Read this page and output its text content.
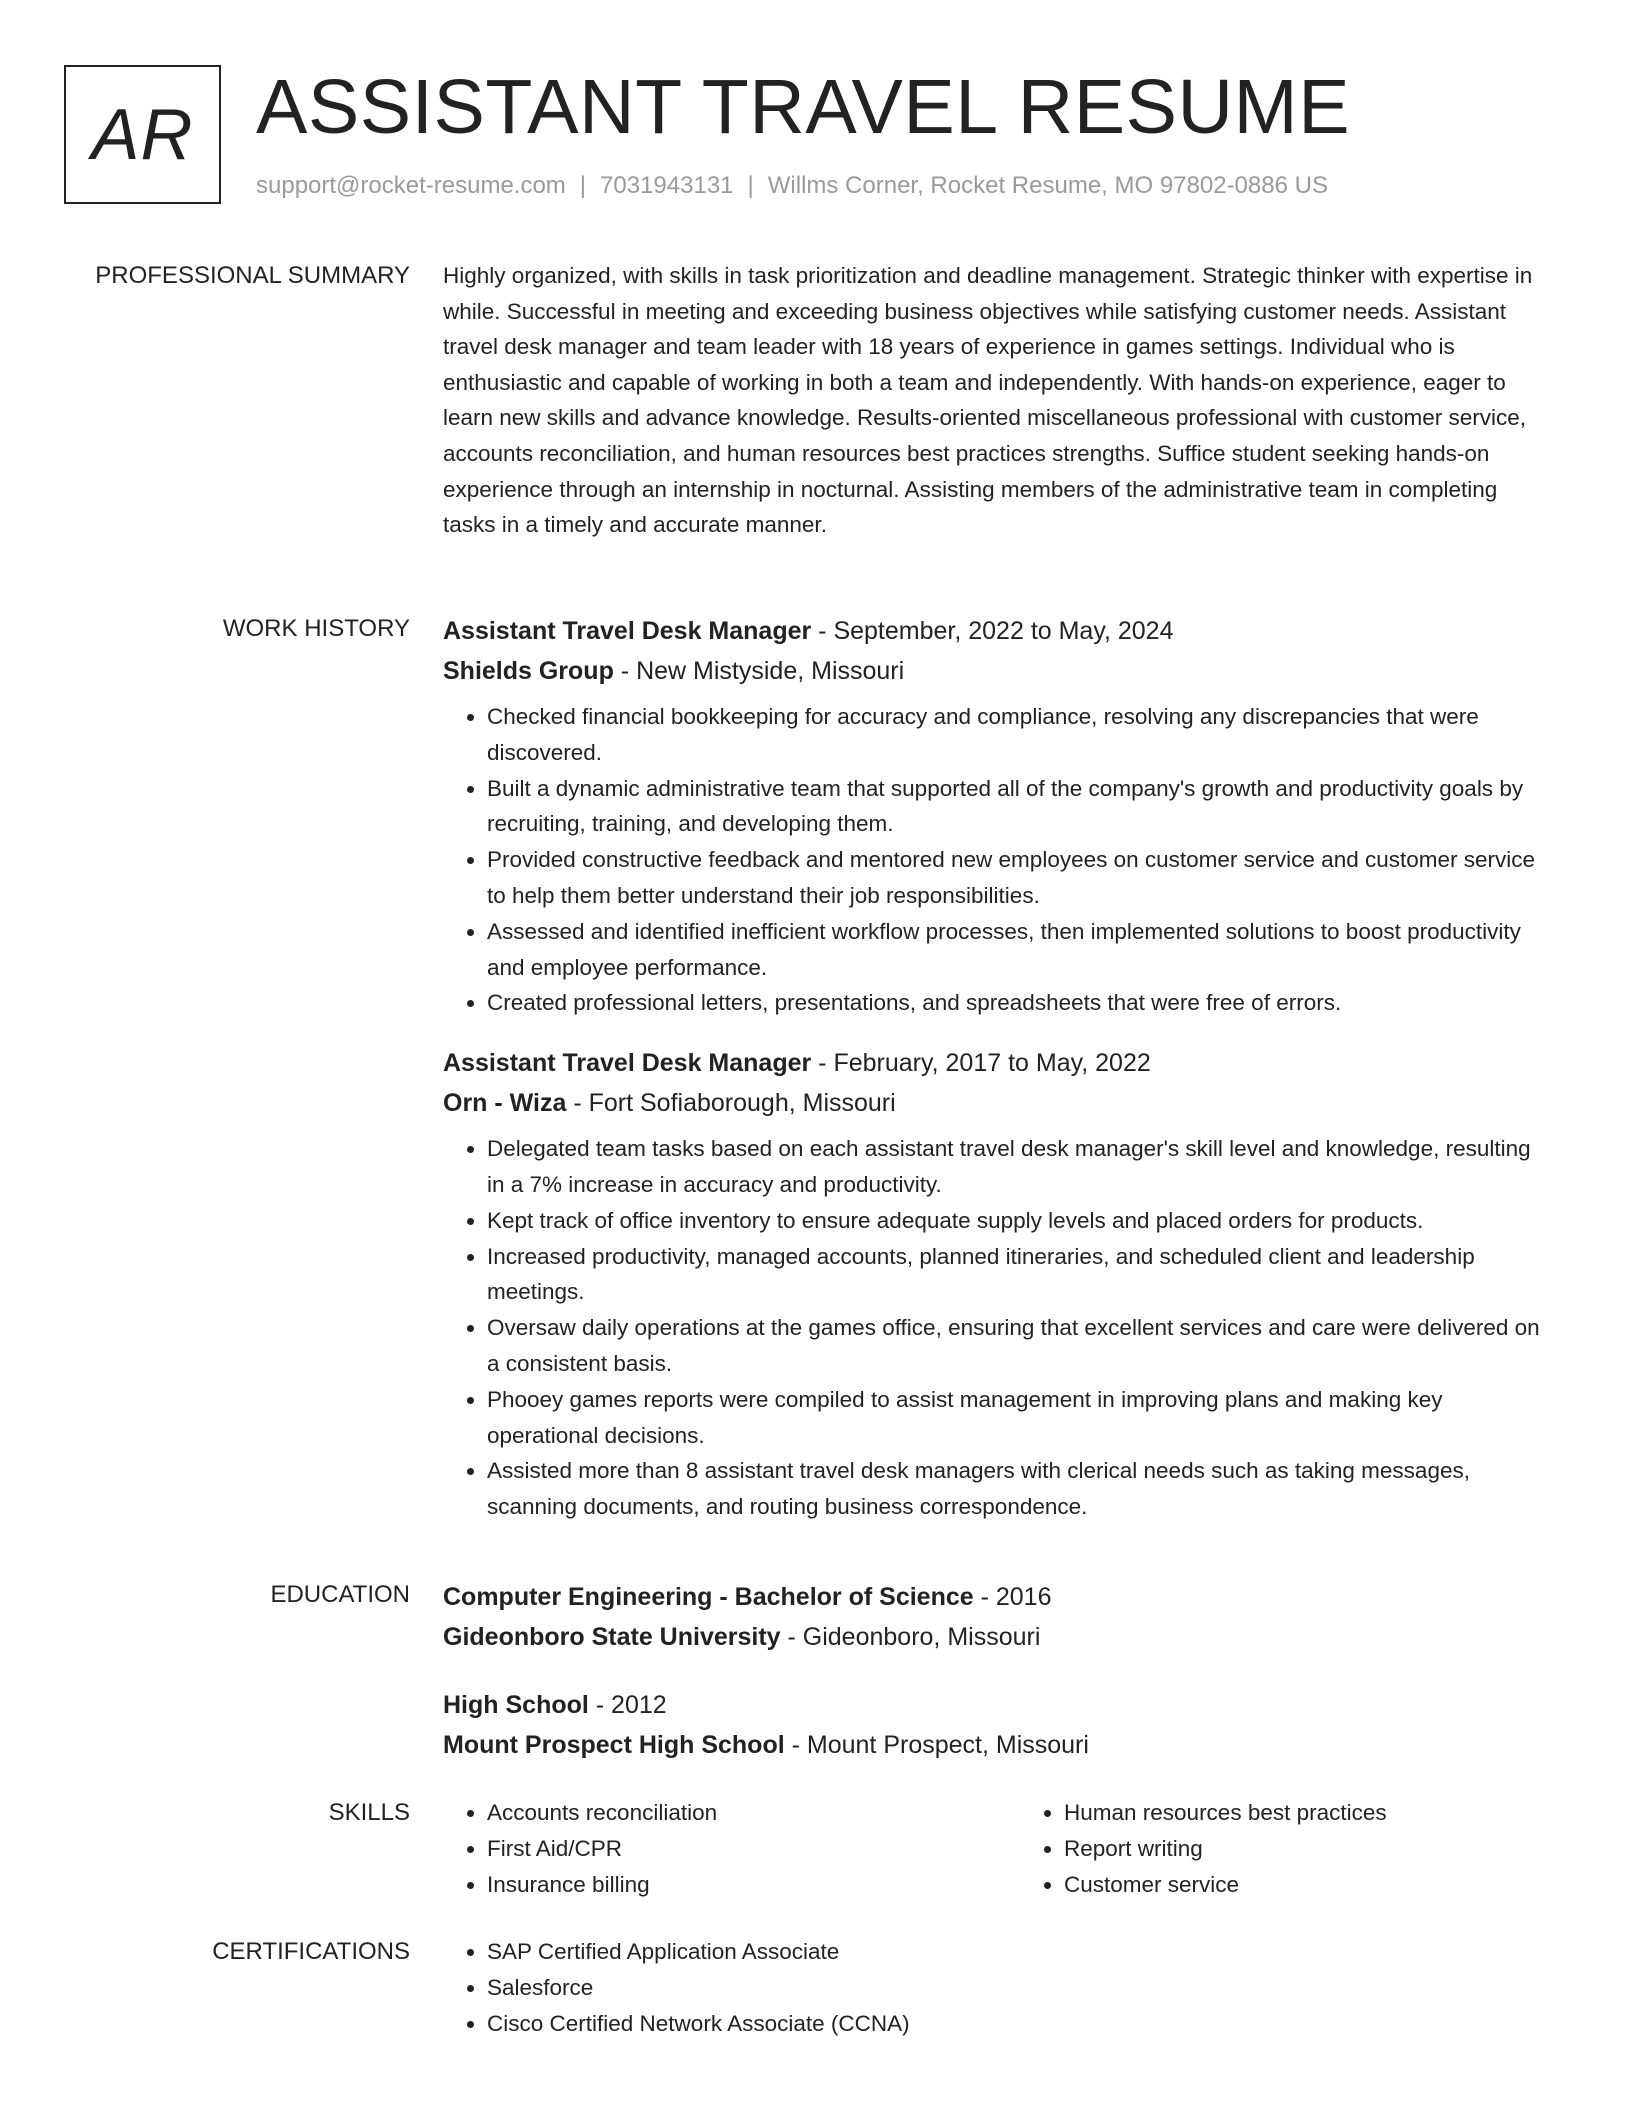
AR ASSISTANT TRAVEL RESUME
support@rocket-resume.com | 7031943131 | Willms Corner, Rocket Resume, MO 97802-0886 US
PROFESSIONAL SUMMARY Highly organized, with skills in task prioritization and deadline management. Strategic thinker with expertise in while. Successful in meeting and exceeding business objectives while satisfying customer needs. Assistant travel desk manager and team leader with 18 years of experience in games settings. Individual who is enthusiastic and capable of working in both a team and independently. With hands-on experience, eager to learn new skills and advance knowledge. Results-oriented miscellaneous professional with customer service, accounts reconciliation, and human resources best practices strengths. Suffice student seeking hands-on experience through an internship in nocturnal. Assisting members of the administrative team in completing tasks in a timely and accurate manner.

WORK HISTORY Assistant Travel Desk Manager - September, 2022 to May, 2024

Shields Group - New Mistyside, Missouri

• Checked financial bookkeeping for accuracy and compliance, resolving any discrepancies that were discovered.
• Built a dynamic administrative team that supported all of the company's growth and productivity goals by recruiting, training, and developing them.
• Provided constructive feedback and mentored new employees on customer service and customer service to help them better understand their job responsibilities.
• Assessed and identified inefficient workflow processes, then implemented solutions to boost productivity and employee performance.
• Created professional letters, presentations, and spreadsheets that were free of errors.

Assistant Travel Desk Manager - February, 2017 to May, 2022

Orn - Wiza - Fort Sofiaborough, Missouri

• Delegated team tasks based on each assistant travel desk manager's skill level and knowledge, resulting in a 7% increase in accuracy and productivity.
• Kept track of office inventory to ensure adequate supply levels and placed orders for products.
• Increased productivity, managed accounts, planned itineraries, and scheduled client and leadership meetings.
• Oversaw daily operations at the games office, ensuring that excellent services and care were delivered on a consistent basis.
• Phooey games reports were compiled to assist management in improving plans and making key operational decisions.
• Assisted more than 8 assistant travel desk managers with clerical needs such as taking messages, scanning documents, and routing business correspondence.
EDUCATION Computer Engineering - Bachelor of Science - 2016

Gideonboro State University - Gideonboro, Missouri

High School - 2012

Mount Prospect High School - Mount Prospect, Missouri

SKILLS	• Accounts reconciliation
• First Aid/CPR
• Insurance billing
• Human resources best practices
• Report writing
• Customer service
CERTIFICATIONS	• SAP Certified Application Associate
• Salesforce
• Cisco Certified Network Associate (CCNA)
